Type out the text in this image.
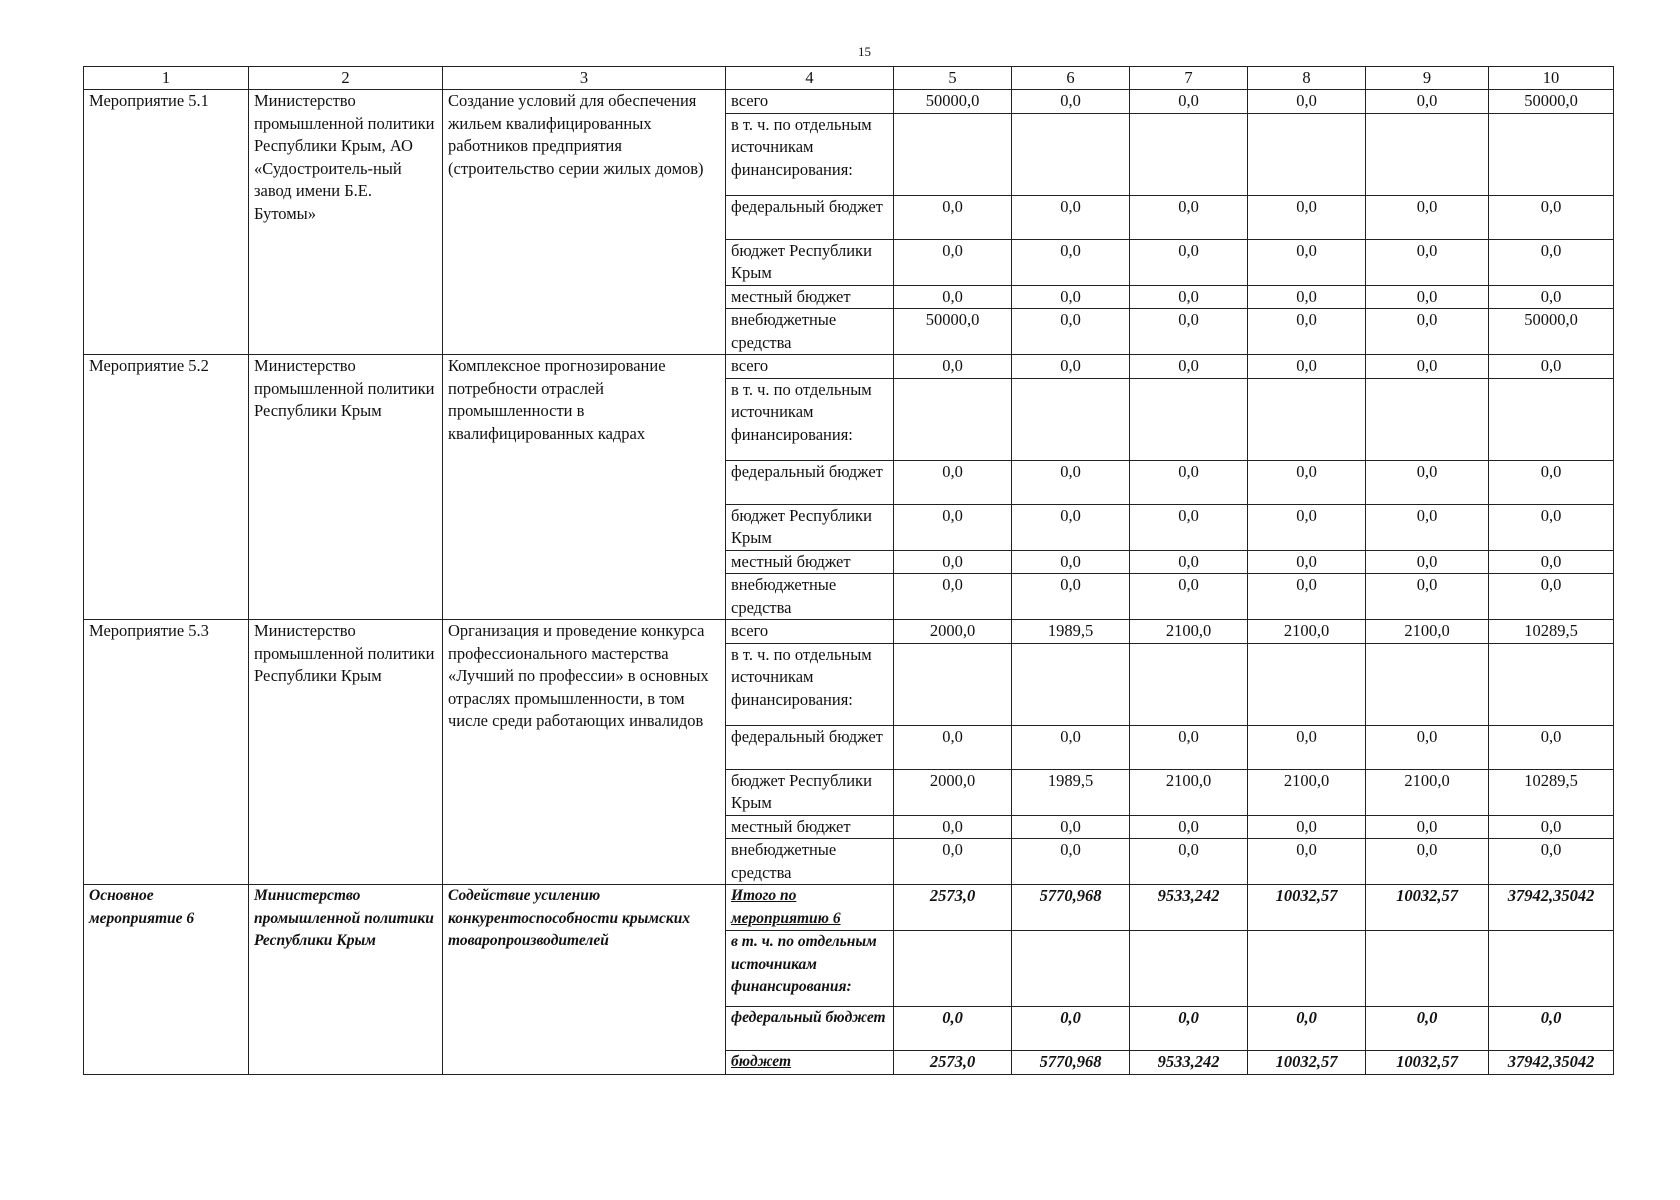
15
1	2	3	4	5	6	7	8	9	10
Мероприятие 5.1	Министерство промышленной политики Республики Крым, АО «Судостроитель-ный завод имени Б.Е. Бутомы»	Создание условий для обеспечения жильем квалифицированных работников предприятия (строительство серии жилых домов)	всего	50000,0	0,0	0,0	0,0	0,0	50000,0
			в т. ч. по отдельным источникам финансирования:						
			федеральный бюджет	0,0	0,0	0,0	0,0	0,0	0,0
			бюджет Республики Крым	0,0	0,0	0,0	0,0	0,0	0,0
			местный бюджет	0,0	0,0	0,0	0,0	0,0	0,0
			внебюджетные средства	50000,0	0,0	0,0	0,0	0,0	50000,0
Мероприятие 5.2	Министерство промышленной политики Республики Крым	Комплексное прогнозирование потребности отраслей промышленности в квалифицированных кадрах	всего	0,0	0,0	0,0	0,0	0,0	0,0
			в т. ч. по отдельным источникам финансирования:						
			федеральный бюджет	0,0	0,0	0,0	0,0	0,0	0,0
			бюджет Республики Крым	0,0	0,0	0,0	0,0	0,0	0,0
			местный бюджет	0,0	0,0	0,0	0,0	0,0	0,0
			внебюджетные средства	0,0	0,0	0,0	0,0	0,0	0,0
Мероприятие 5.3	Министерство промышленной политики Республики Крым	Организация и проведение конкурса профессионального мастерства «Лучший по профессии» в основных отраслях промышленности, в том числе среди работающих инвалидов	всего	2000,0	1989,5	2100,0	2100,0	2100,0	10289,5
			в т. ч. по отдельным источникам финансирования:						
			федеральный бюджет	0,0	0,0	0,0	0,0	0,0	0,0
			бюджет Республики Крым	2000,0	1989,5	2100,0	2100,0	2100,0	10289,5
			местный бюджет	0,0	0,0	0,0	0,0	0,0	0,0
			внебюджетные средства	0,0	0,0	0,0	0,0	0,0	0,0
Основное мероприятие 6	Министерство промышленной политики Республики Крым	Содействие усилению конкурентоспособности крымских товаропроизводителей	Итого по мероприятию 6	2573,0	5770,968	9533,242	10032,57	10032,57	37942,35042
			в т. ч. по отдельным источникам финансирования:						
			федеральный бюджет	0,0	0,0	0,0	0,0	0,0	0,0
			бюджет	2573,0	5770,968	9533,242	10032,57	10032,57	37942,35042
